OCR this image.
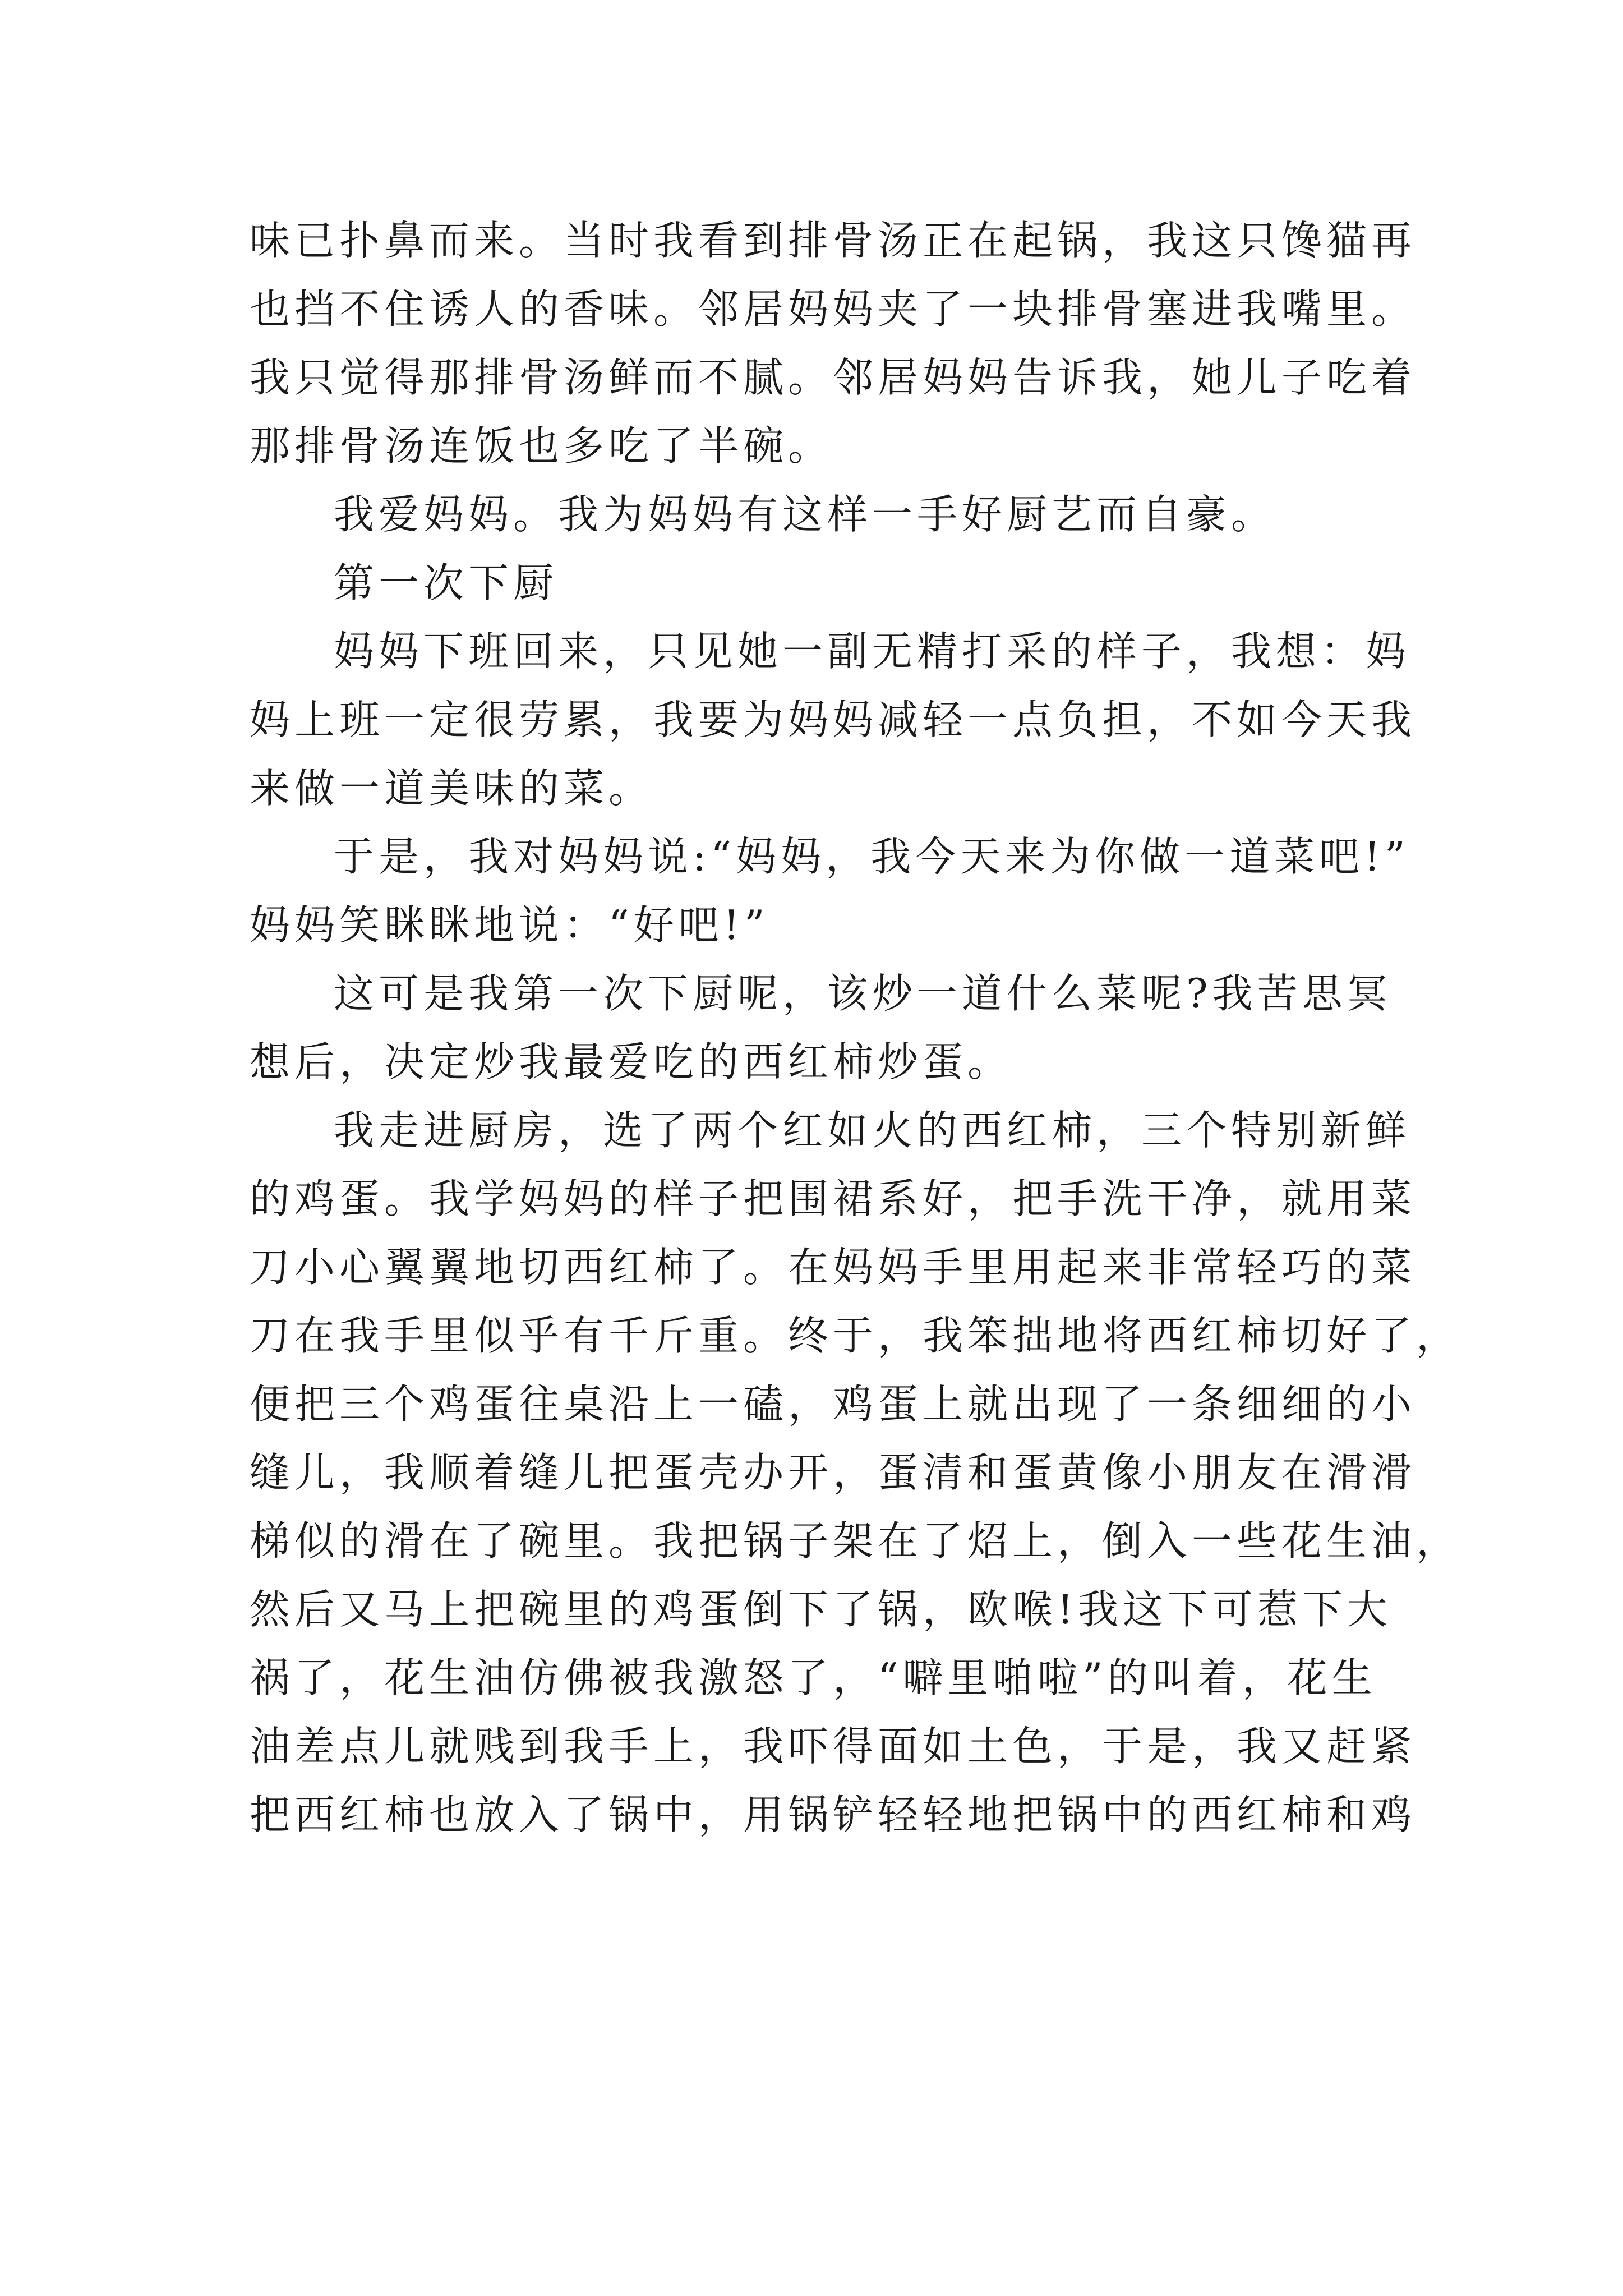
味已扑鼻而来。当时我看到排骨汤正在起锅，我这只馋猫再
也挡不住诱人的香味。邻居妈妈夹了一块排骨塞进我嘴里。
我只觉得那排骨汤鲜而不腻。邻居妈妈告诉我，她儿子吃着
那排骨汤连饭也多吃了半碗。
我爱妈妈。我为妈妈有这样一手好厨艺而自豪。
第一次下厨
妈妈下班回来，只见她一副无精打采的样子，我想：妈
妈上班一定很劳累，我要为妈妈减轻一点负担，不如今天我
来做一道美味的菜。
于是，我对妈妈说:“妈妈，我今天来为你做一道菜吧!”
妈妈笑眯眯地说：“好吧!”
这可是我第一次下厨呢，该炒一道什么菜呢?我苦思冥
想后，决定炒我最爱吃的西红柿炒蛋。
我走进厨房，选了两个红如火的西红柿，三个特别新鲜
的鸡蛋。我学妈妈的样子把围裙系好，把手洗干净，就用菜
刀小心翼翼地切西红柿了。在妈妈手里用起来非常轻巧的菜
刀在我手里似乎有千斤重。终于，我笨拙地将西红柿切好了，
便把三个鸡蛋往桌沿上一磕，鸡蛋上就出现了一条细细的小
缝儿，我顺着缝儿把蛋壳办开，蛋清和蛋黄像小朋友在滑滑
梯似的滑在了碗里。我把锅子架在了炤上，倒入一些花生油，
然后又马上把碗里的鸡蛋倒下了锅，欧喉!我这下可惹下大
祸了，花生油仿佛被我激怒了，“噼里啪啦”的叫着，花生
油差点儿就贱到我手上，我吓得面如土色，于是，我又赶紧
把西红柿也放入了锅中，用锅铲轻轻地把锅中的西红柿和鸡
